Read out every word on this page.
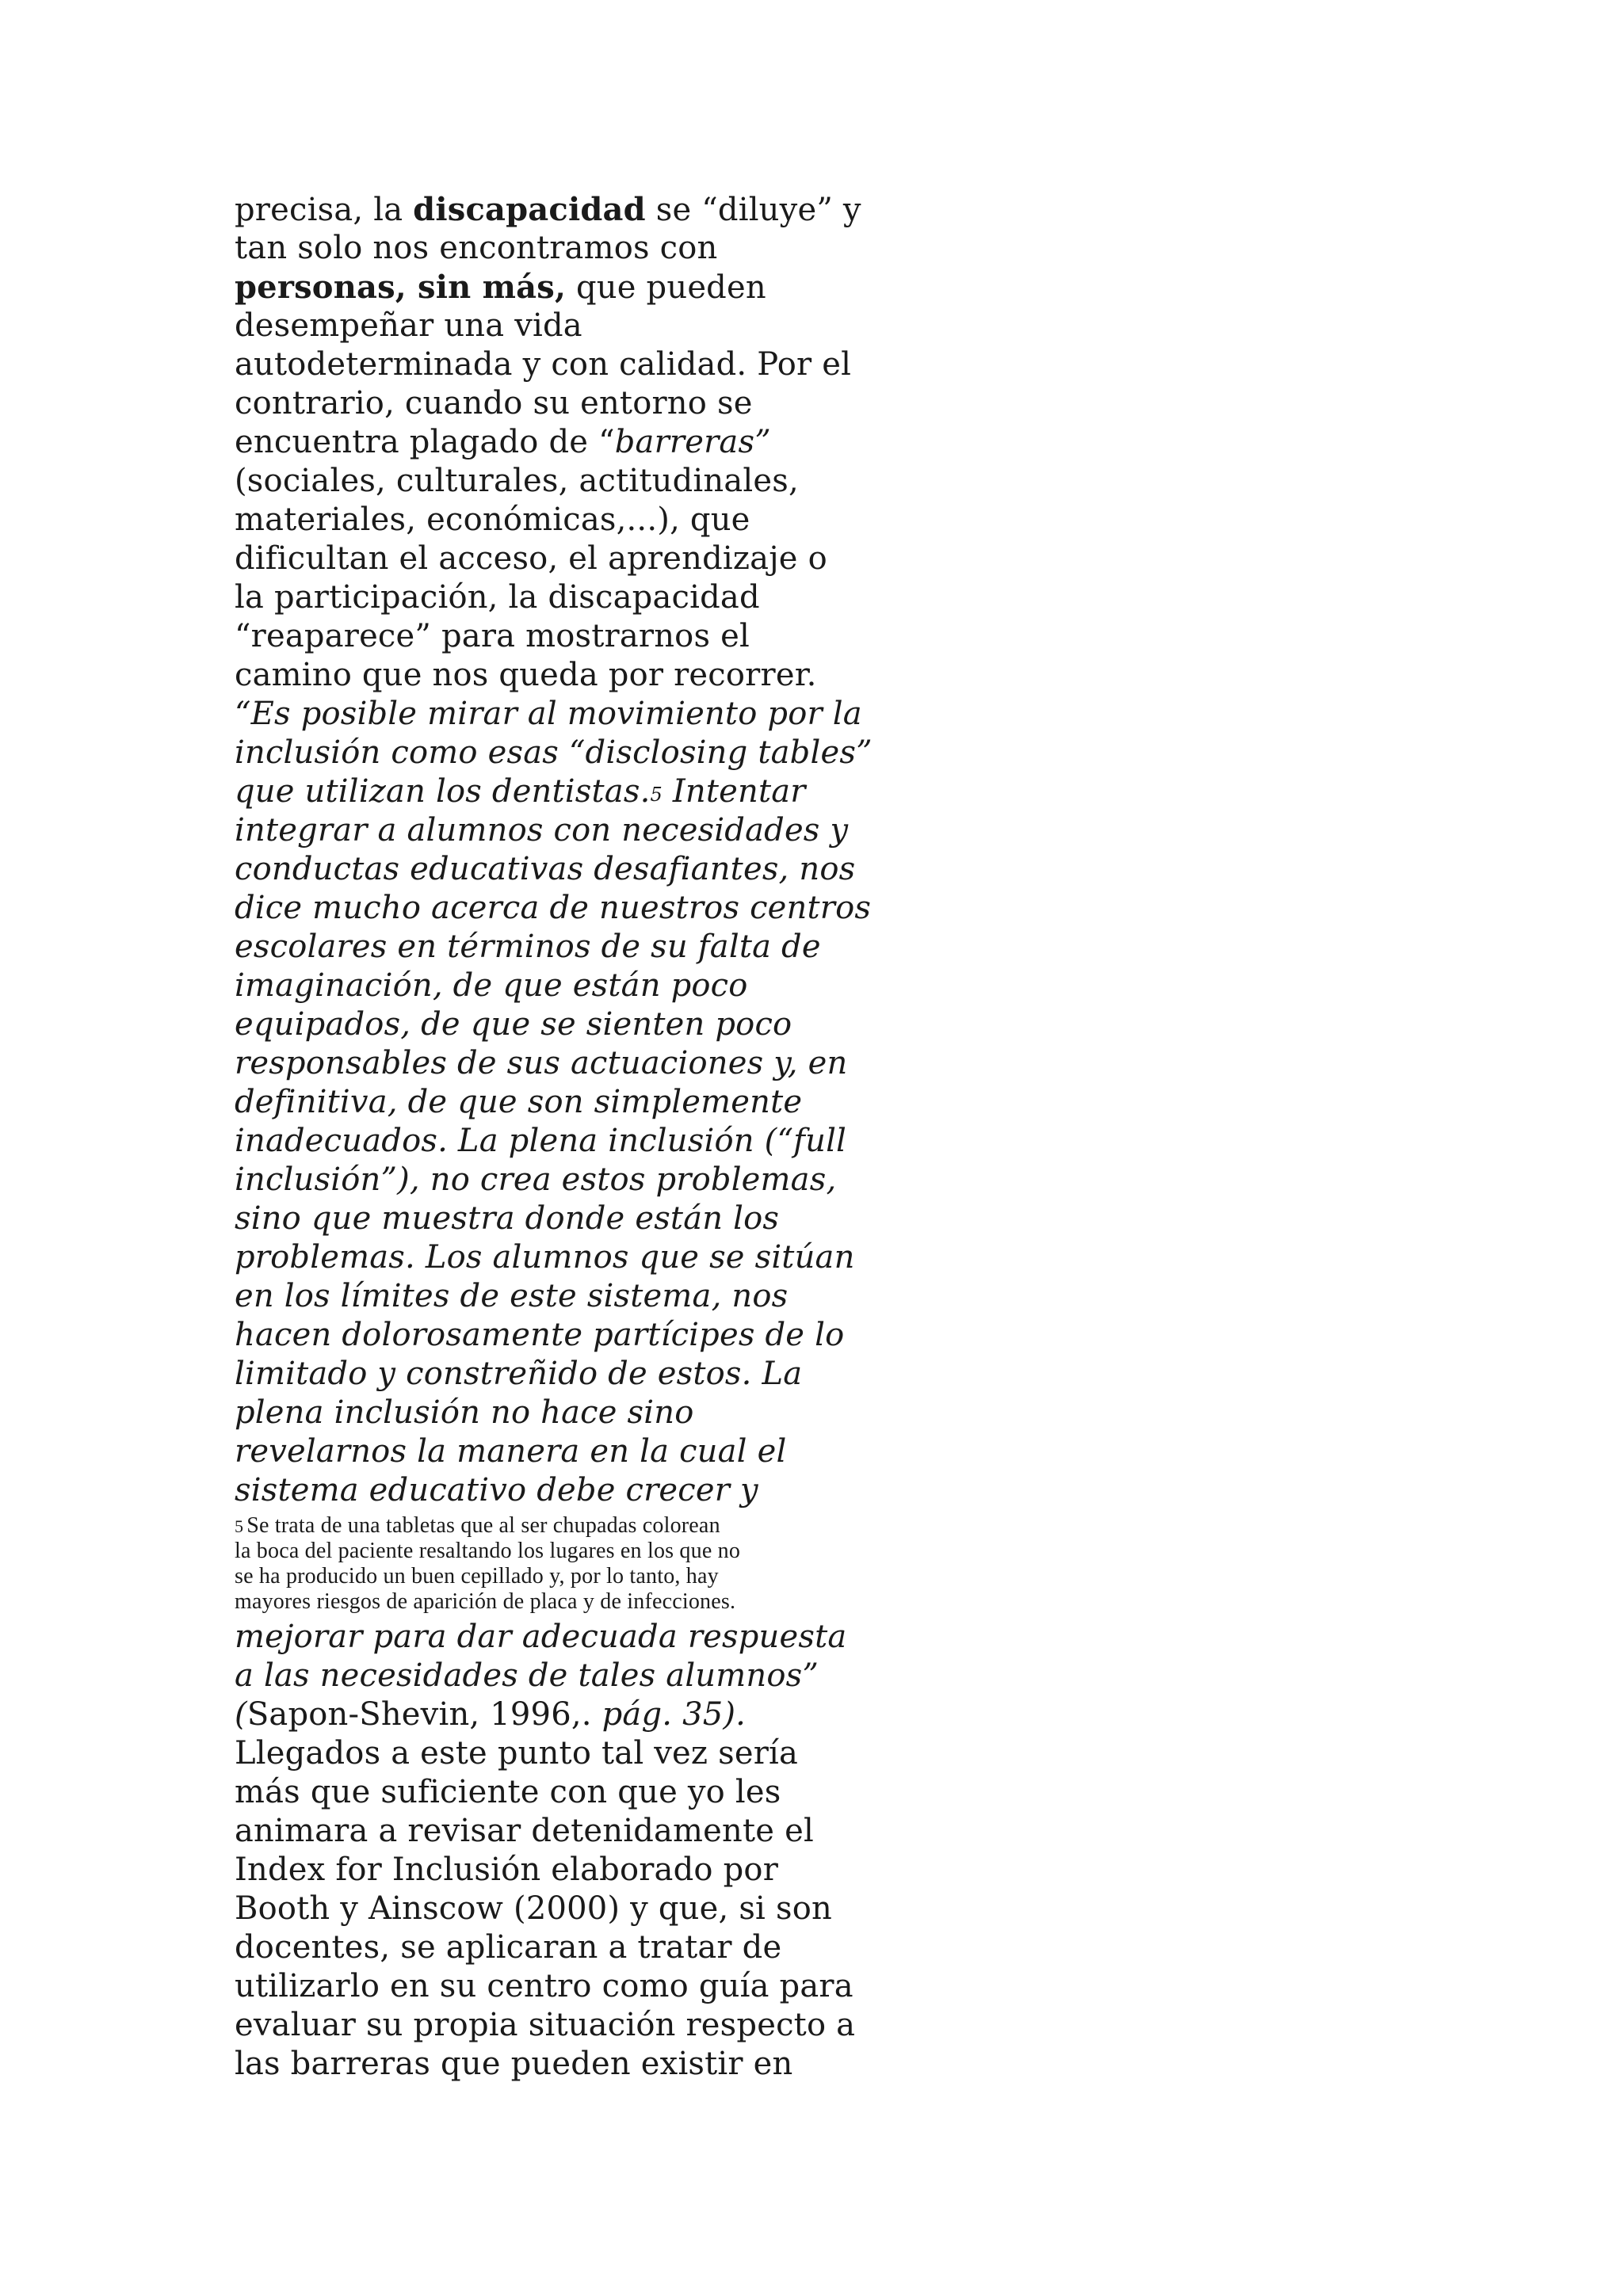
precisa, la discapacidad se “diluye” y
tan solo nos encontramos con
personas, sin más, que pueden
desempeñar una vida
autodeterminada y con calidad. Por el
contrario, cuando su entorno se
encuentra plagado de “barreras”
(sociales, culturales, actitudinales,
materiales, económicas,...), que
dificultan el acceso, el aprendizaje o
la participación, la discapacidad
“reaparece” para mostrarnos el
camino que nos queda por recorrer.
“Es posible mirar al movimiento por la
inclusión como esas “disclosing tables”
que utilizan los dentistas.5 Intentar
integrar a alumnos con necesidades y
conductas educativas desafiantes, nos
dice mucho acerca de nuestros centros
escolares en términos de su falta de
imaginación, de que están poco
equipados, de que se sienten poco
responsables de sus actuaciones y, en
definitiva, de que son simplemente
inadecuados. La plena inclusión (“full
inclusión”), no crea estos problemas,
sino que muestra donde están los
problemas. Los alumnos que se sitúan
en los límites de este sistema, nos
hacen dolorosamente partícipes de lo
limitado y constreñido de estos. La
plena inclusión no hace sino
revelarnos la manera en la cual el
sistema educativo debe crecer y
5 Se trata de una tabletas que al ser chupadas colorean
la boca del paciente resaltando los lugares en los que no
se ha producido un buen cepillado y, por lo tanto, hay
mayores riesgos de aparición de placa y de infecciones.
mejorar para dar adecuada respuesta
a las necesidades de tales alumnos”
(Sapon-Shevin, 1996,. pág. 35).
Llegados a este punto tal vez sería
más que suficiente con que yo les
animara a revisar detenidamente el
Index for Inclusión elaborado por
Booth y Ainscow (2000) y que, si son
docentes, se aplicaran a tratar de
utilizarlo en su centro como guía para
evaluar su propia situación respecto a
las barreras que pueden existir en
